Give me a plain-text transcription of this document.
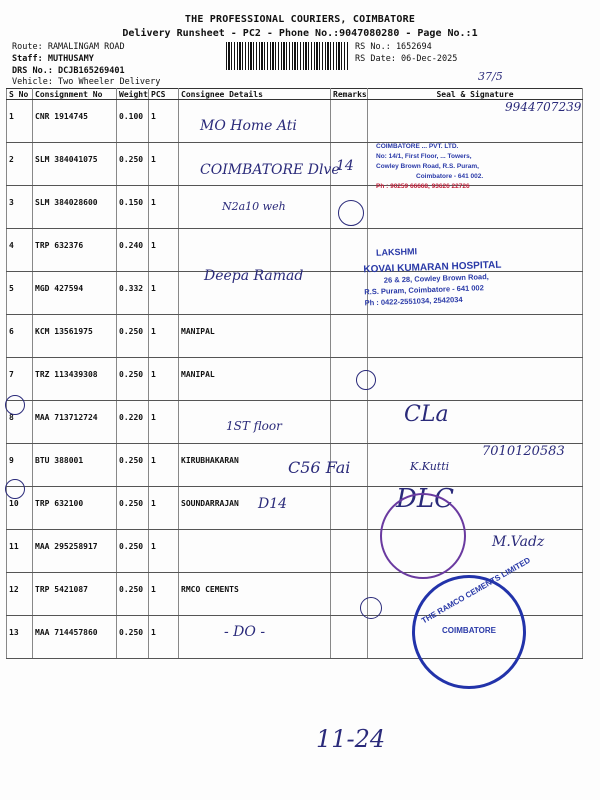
THE PROFESSIONAL COURIERS, COIMBATORE
Delivery Runsheet - PC2 - Phone No.:9047080280 - Page No.:1
Route: RAMALINGAM ROAD
Staff: MUTHUSAMY
DRS No.: DCJB165269401
Vehicle: Two Wheeler Delivery
RS No.: 1652694
RS Date: 06-Dec-2025
37/5
S No	Consignment No	Weight	PCS	Consignee Details	Remarks	Seal & Signature
1	CNR 1914745	0.100	1			
2	SLM 384041075	0.250	1			
3	SLM 384028600	0.150	1			
4	TRP 632376	0.240	1			
5	MGD 427594	0.332	1			
6	KCM 13561975	0.250	1	MANIPAL		
7	TRZ 113439308	0.250	1	MANIPAL		
8	MAA 713712724	0.220	1			
9	BTU 388001	0.250	1	KIRUBHAKARAN		
10	TRP 632100	0.250	1	SOUNDARRAJAN		
11	MAA 295258917	0.250	1			
12	TRP 5421087	0.250	1	RMCO CEMENTS		
13	MAA 714457860	0.250	1			
MO Home Ati
9944707239
COIMBATORE Dlve
14
N2a10 weh
Deepa Ramad
1ST floor	CLa
C56 Fai	K.Kutti
7010120583
D14	DLC
M.Vadz
- DO -
11-24
COIMBATORE ... PVT. LTD.
No: 14/1, First Floor, ... Towers,
Cowley Brown Road, R.S. Puram,
Coimbatore - 641 002.
Ph : 90259 66668, 93626 22726
LAKSHMI
KOVAI KUMARAN HOSPITAL
26 & 28, Cowley Brown Road,
R.S. Puram, Coimbatore - 641 002
Ph : 0422-2551034, 2542034
THE RAMCO CEMENTS LIMITED
COIMBATORE
